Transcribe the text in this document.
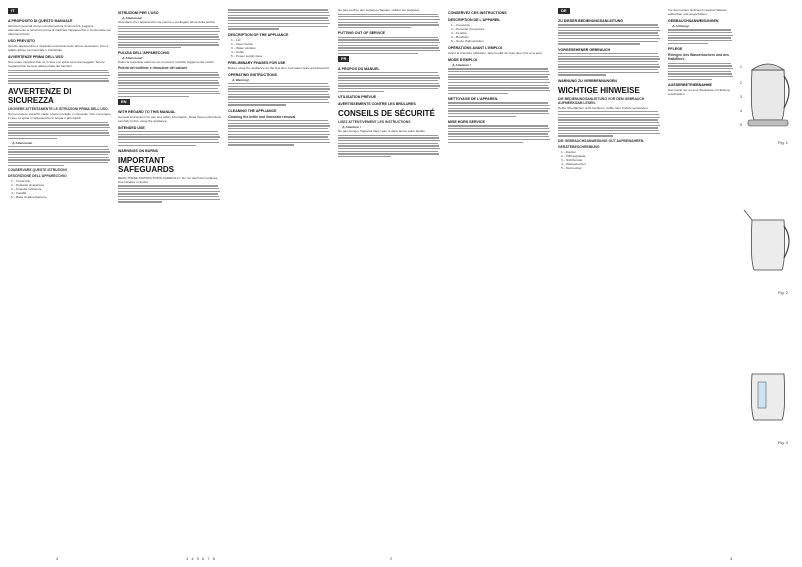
IT
A PROPOSITO DI QUESTO MANUALE
Istruzioni generali di uso ed informazioni di sicurezza. Leggere attentamente le istruzioni prima di utilizzare l'apparecchio e conservarle per riferimenti futuri.
USO PREVISTO
Questo apparecchio è destinato esclusivamente all'uso domestico. Non è adatto all'uso commerciale o industriale.
AVVERTENZE PRIMA DELL'USO
Non usare l'apparecchio se il cavo o la spina sono danneggiati. Tenere l'apparecchio lontano dalla portata dei bambini.
AVVERTENZE DI SICUREZZA
LEGGERE ATTENTAMENTE LE ISTRUZIONI PRIMA DELL'USO.
Non toccare le superfici calde. Usare maniglie o manopole. Non immergere il cavo, la spina o l'apparecchio in acqua o altri liquidi.
⚠ Attenzione!
CONSERVARE QUESTE ISTRUZIONI
DESCRIZIONE DELL'APPARECCHIO
1 – Coperchio
2 – Pulsante di apertura
3 – Finestra indicatore
4 – Caraffa
5 – Base di alimentazione
4
ISTRUZIONI PER L'USO
⚠ Attenzione!
Accertarsi che l'apparecchio sia spento e scollegato prima della pulizia.
PULIZIA DELL'APPARECCHIO
⚠ Attenzione!
Pulire la superficie esterna con un panno morbido leggermente umido.
Pulizia del bollitore e rimozione del calcare
EN
WITH REGARD TO THIS MANUAL
General instructions for use and safety information. Read these instructions carefully before using the appliance.
INTENDED USE
WARNINGS ON BURNS
IMPORTANT SAFEGUARDS
READ THESE INSTRUCTIONS CAREFULLY. Do not touch hot surfaces. Use handles or knobs.
DESCRIPTION OF THE APPLIANCE
1 – Lid
2 – Open button
3 – Water window
4 – Kettle
5 – Power supply base
PRELIMINARY PHASES FOR USE
Before using the appliance for the first time, boil water twice and discard it.
OPERATING INSTRUCTIONS
⚠ Warning!
CLEANING THE APPLIANCE
Cleaning the kettle and limescale removal
Ne pas toucher aux surfaces chaudes. Utiliser les poignées.
PUTTING OUT OF SERVICE
FR
À PROPOS DU MANUEL
UTILISATION PRÉVUE
AVERTISSEMENTS CONTRE LES BRÛLURES
CONSEILS DE SÉCURITÉ
LISEZ ATTENTIVEMENT LES INSTRUCTIONS
⚠ Attention !
Ne pas plonger l'appareil dans l'eau ni dans aucun autre liquide.
2
CONSERVEZ CES INSTRUCTIONS
DESCRIPTION DE L'APPAREIL
1 – Couvercle
2 – Poussoir d'ouverture
3 – Fenêtre
4 – Bouilloire
5 – Socle d'alimentation
OPÉRATIONS AVANT L'EMPLOI
Avant la première utilisation, faire bouillir de l'eau deux fois et la jeter.
MODE D'EMPLOI
⚠ Attention !
NETTOYAGE DE L'APPAREIL
MISE HORS SERVICE
DE
ZU DIESER BEDIENUNGSANLEITUNG
VORGESEHENER GEBRAUCH
WARNUNG ZU VERBRENNUNGEN
WICHTIGE HINWEISE
DIE BEDIENUNGSANLEITUNG VOR DEM GEBRAUCH AUFMERKSAM LESEN.
Heiße Oberflächen nicht berühren. Griffe oder Knöpfe verwenden.
DIE GEBRAUCHSANWEISUNG GUT AUFBEWAHREN.
GERÄTEBESCHREIBUNG
1 – Deckel
2 – Öffnungstaste
3 – Sichtfenster
4 – Wasserkocher
5 – Netzsockel
Vor dem ersten Gebrauch zweimal Wasser aufkochen und wegschütten.
GEBRAUCHSANWEISUNGEN
⚠ Achtung!
PFLEGE
Reinigen des Wasserkochers und des Kalkfilters
AUSSERBETRIEBNAHME
Das Gerät nur an eine Steckdose mit Erdung anschließen.
3
3 4 5 6 7 8
1
2
3
4
5
Fig. 1
Fig. 2
Fig. 3
